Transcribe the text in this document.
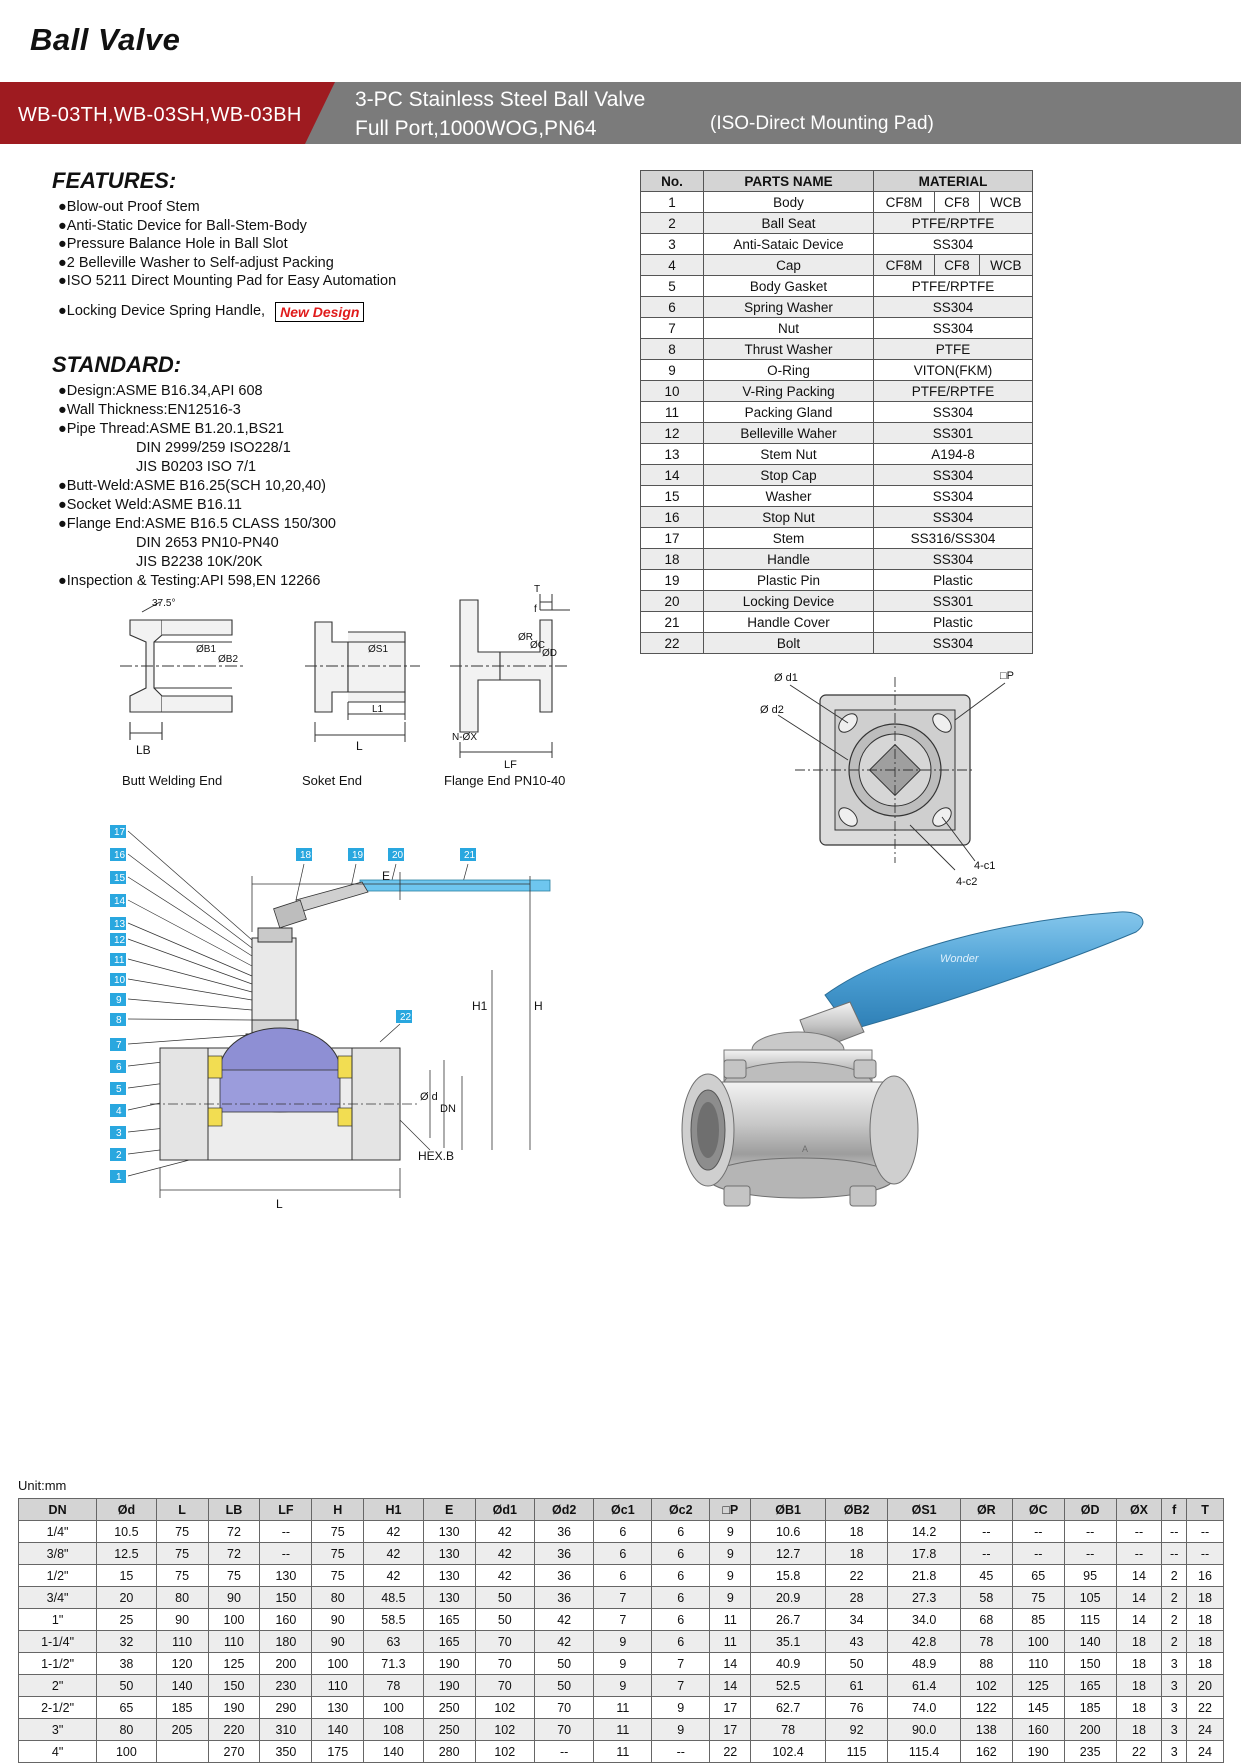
Ball Valve
WB-03TH,WB-03SH,WB-03BH
3-PC Stainless Steel Ball Valve
Full Port,1000WOG,PN64	(ISO-Direct Mounting Pad)
FEATURES:
●Blow-out Proof Stem
●Anti-Static Device for Ball-Stem-Body
●Pressure Balance Hole in Ball Slot
●2 Belleville Washer to Self-adjust Packing
●ISO 5211 Direct Mounting Pad for Easy Automation
●Locking Device Spring Handle, New Design
STANDARD:
●Design:ASME B16.34,API 608
●Wall Thickness:EN12516-3
●Pipe Thread:ASME B1.20.1,BS21
DIN 2999/259 ISO228/1
JIS B0203 ISO 7/1
●Butt-Weld:ASME B16.25(SCH 10,20,40)
●Socket Weld:ASME B16.11
●Flange End:ASME B16.5 CLASS 150/300
DIN 2653 PN10-PN40
JIS B2238 10K/20K
●Inspection & Testing:API 598,EN 12266
No.	PARTS NAME	MATERIAL		
1	Body	CF8M	CF8	WCB
2	Ball Seat	PTFE/RPTFE		
3	Anti-Sataic Device	SS304		
4	Cap	CF8M	CF8	WCB
5	Body Gasket	PTFE/RPTFE		
6	Spring Washer	SS304		
7	Nut	SS304		
8	Thrust Washer	PTFE		
9	O-Ring	VITON(FKM)		
10	V-Ring Packing	PTFE/RPTFE		
11	Packing Gland	SS304		
12	Belleville Waher	SS301		
13	Stem Nut	A194-8		
14	Stop Cap	SS304		
15	Washer	SS304		
16	Stop Nut	SS304		
17	Stem	SS316/SS304		
18	Handle	SS304		
19	Plastic Pin	Plastic		
20	Locking Device	SS301		
21	Handle Cover	Plastic		
22	Bolt	SS304		
LB
37.5°
ØB1
ØB2
Butt Welding End
L1
L
ØS1
Soket End
T
f
LF
N-ØX
ØR
ØC
ØD
Flange End PN10-40
Ø d1
Ø d2
□P
4-c1
4-c2
17
16
15
14
13
12
11
10
9
8
7
6
5
4
3
2
1
18	19	20	21
22
E
H
H1
Ø d
DN
L
HEX.B
Wonder
A
Unit:mm
DN	Ød	L	LB	LF	H	H1	E	Ød1	Ød2	Øc1	Øc2	□P	ØB1	ØB2	ØS1	ØR	ØC	ØD	ØX	f	T
1/4"	10.5	75	72	--	75	42	130	42	36	6	6	9	10.6	18	14.2	--	--	--	--	--	--
3/8"	12.5	75	72	--	75	42	130	42	36	6	6	9	12.7	18	17.8	--	--	--	--	--	--
1/2"	15	75	75	130	75	42	130	42	36	6	6	9	15.8	22	21.8	45	65	95	14	2	16
3/4"	20	80	90	150	80	48.5	130	50	36	7	6	9	20.9	28	27.3	58	75	105	14	2	18
1"	25	90	100	160	90	58.5	165	50	42	7	6	11	26.7	34	34.0	68	85	115	14	2	18
1-1/4"	32	110	110	180	90	63	165	70	42	9	6	11	35.1	43	42.8	78	100	140	18	2	18
1-1/2"	38	120	125	200	100	71.3	190	70	50	9	7	14	40.9	50	48.9	88	110	150	18	3	18
2"	50	140	150	230	110	78	190	70	50	9	7	14	52.5	61	61.4	102	125	165	18	3	20
2-1/2"	65	185	190	290	130	100	250	102	70	11	9	17	62.7	76	74.0	122	145	185	18	3	22
3"	80	205	220	310	140	108	250	102	70	11	9	17	78	92	90.0	138	160	200	18	3	24
4"	100		270	350	175	140	280	102	--	11	--	22	102.4	115	115.4	162	190	235	22	3	24
